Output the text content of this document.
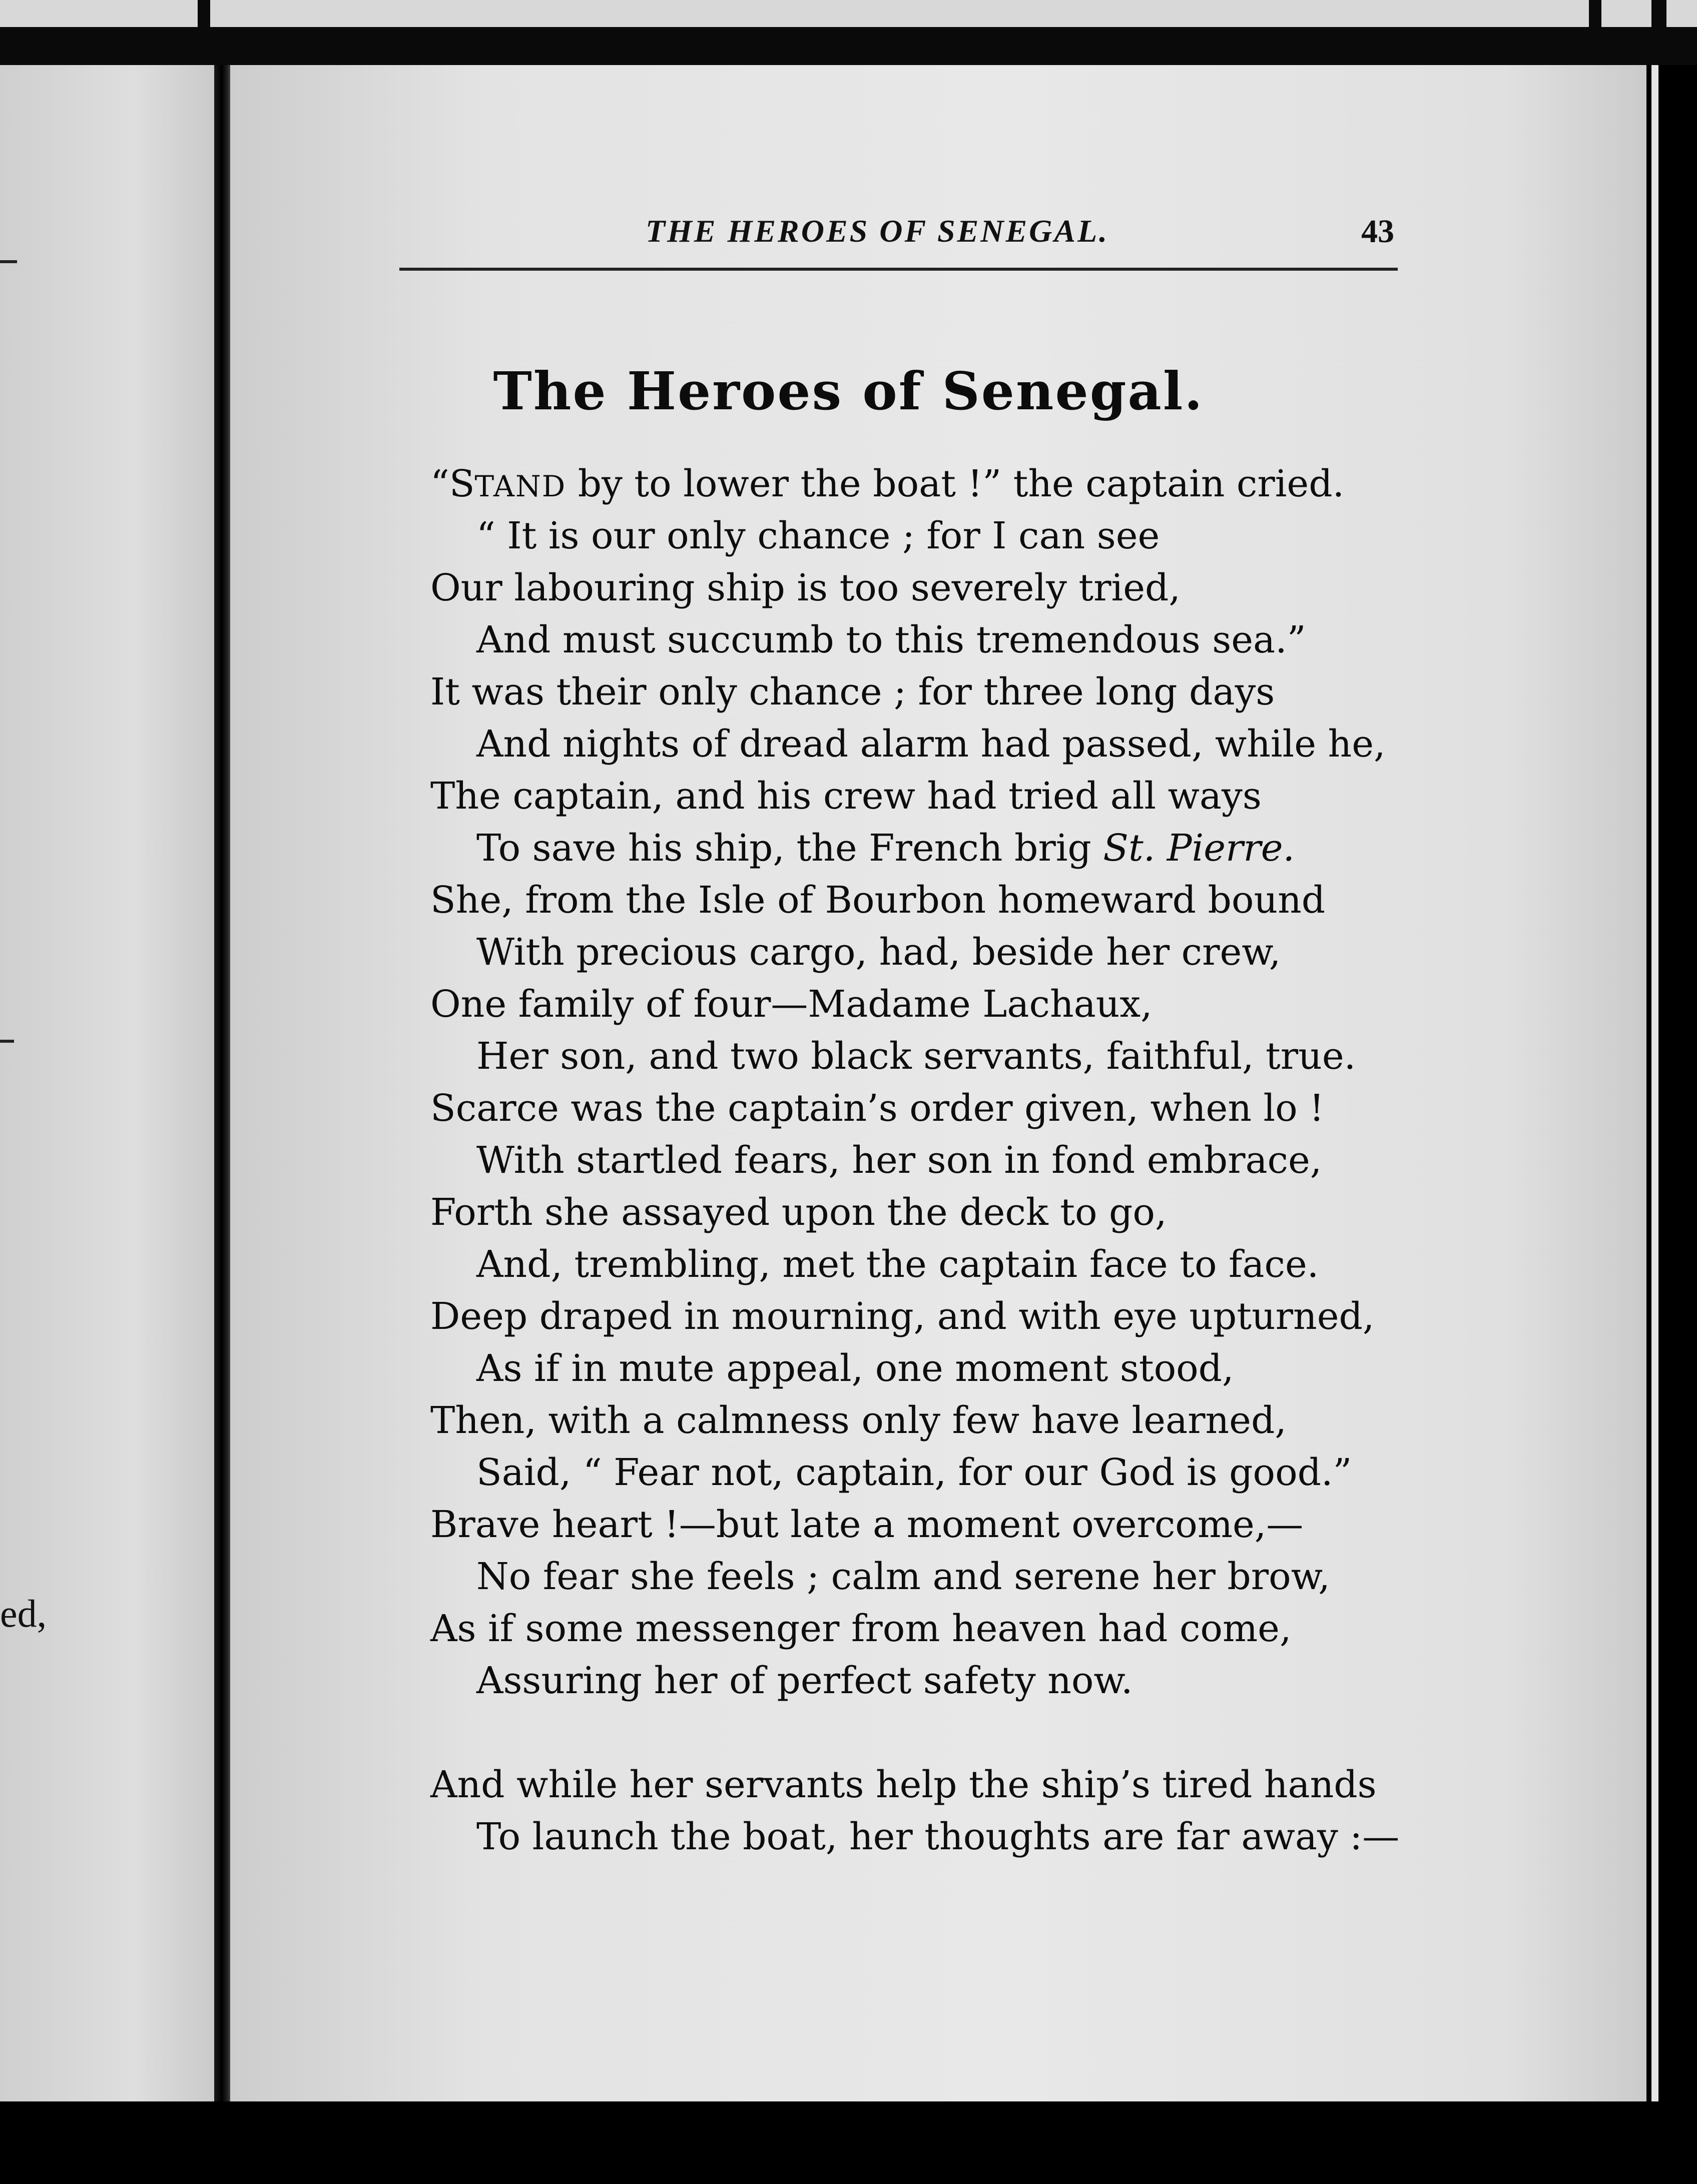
ed,
THE HEROES OF SENEGAL.	43
The Heroes of Senegal.
“STAND by to lower the boat !” the captain cried.
“ It is our only chance ; for I can see
Our labouring ship is too severely tried,
And must succumb to this tremendous sea.”
It was their only chance ; for three long days
And nights of dread alarm had passed, while he,
The captain, and his crew had tried all ways
To save his ship, the French brig St. Pierre.
She, from the Isle of Bourbon homeward bound
With precious cargo, had, beside her crew,
One family of four—Madame Lachaux,
Her son, and two black servants, faithful, true.
Scarce was the captain’s order given, when lo !
With startled fears, her son in fond embrace,
Forth she assayed upon the deck to go,
And, trembling, met the captain face to face.
Deep draped in mourning, and with eye upturned,
As if in mute appeal, one moment stood,
Then, with a calmness only few have learned,
Said, “ Fear not, captain, for our God is good.”
Brave heart !—but late a moment overcome,—
No fear she feels ; calm and serene her brow,
As if some messenger from heaven had come,
Assuring her of perfect safety now.
And while her servants help the ship’s tired hands
To launch the boat, her thoughts are far away :—
